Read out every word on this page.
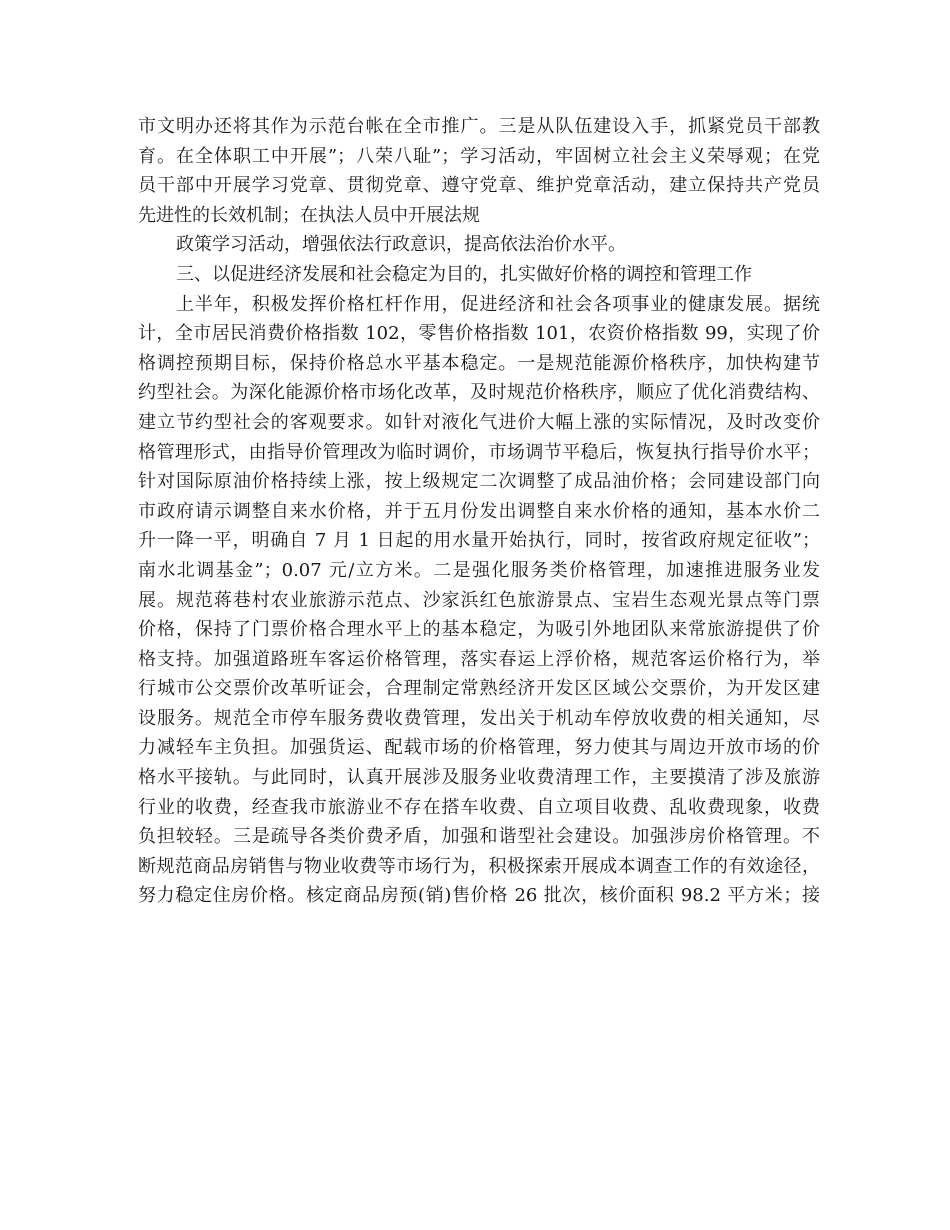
市文明办还将其作为示范台帐在全市推广。三是从队伍建设入手，抓紧党员干部教
育。在全体职工中开展”；八荣八耻”；学习活动，牢固树立社会主义荣辱观；在党
员干部中开展学习党章、贯彻党章、遵守党章、维护党章活动，建立保持共产党员
先进性的长效机制；在执法人员中开展法规
政策学习活动，增强依法行政意识，提高依法治价水平。
三、以促进经济发展和社会稳定为目的，扎实做好价格的调控和管理工作
上半年，积极发挥价格杠杆作用，促进经济和社会各项事业的健康发展。据统
计，全市居民消费价格指数 102，零售价格指数 101，农资价格指数 99，实现了价
格调控预期目标，保持价格总水平基本稳定。一是规范能源价格秩序，加快构建节
约型社会。为深化能源价格市场化改革，及时规范价格秩序，顺应了优化消费结构、
建立节约型社会的客观要求。如针对液化气进价大幅上涨的实际情况，及时改变价
格管理形式，由指导价管理改为临时调价，市场调节平稳后，恢复执行指导价水平；
针对国际原油价格持续上涨，按上级规定二次调整了成品油价格；会同建设部门向
市政府请示调整自来水价格，并于五月份发出调整自来水价格的通知，基本水价二
升一降一平，明确自 7 月 1 日起的用水量开始执行，同时，按省政府规定征收”；
南水北调基金”；0.07 元/立方米。二是强化服务类价格管理，加速推进服务业发
展。规范蒋巷村农业旅游示范点、沙家浜红色旅游景点、宝岩生态观光景点等门票
价格，保持了门票价格合理水平上的基本稳定，为吸引外地团队来常旅游提供了价
格支持。加强道路班车客运价格管理，落实春运上浮价格，规范客运价格行为，举
行城市公交票价改革听证会，合理制定常熟经济开发区区域公交票价，为开发区建
设服务。规范全市停车服务费收费管理，发出关于机动车停放收费的相关通知，尽
力减轻车主负担。加强货运、配载市场的价格管理，努力使其与周边开放市场的价
格水平接轨。与此同时，认真开展涉及服务业收费清理工作，主要摸清了涉及旅游
行业的收费，经查我市旅游业不存在搭车收费、自立项目收费、乱收费现象，收费
负担较轻。三是疏导各类价费矛盾，加强和谐型社会建设。加强涉房价格管理。不
断规范商品房销售与物业收费等市场行为，积极探索开展成本调查工作的有效途径，
努力稳定住房价格。核定商品房预(销)售价格 26 批次，核价面积 98.2 平方米；接
